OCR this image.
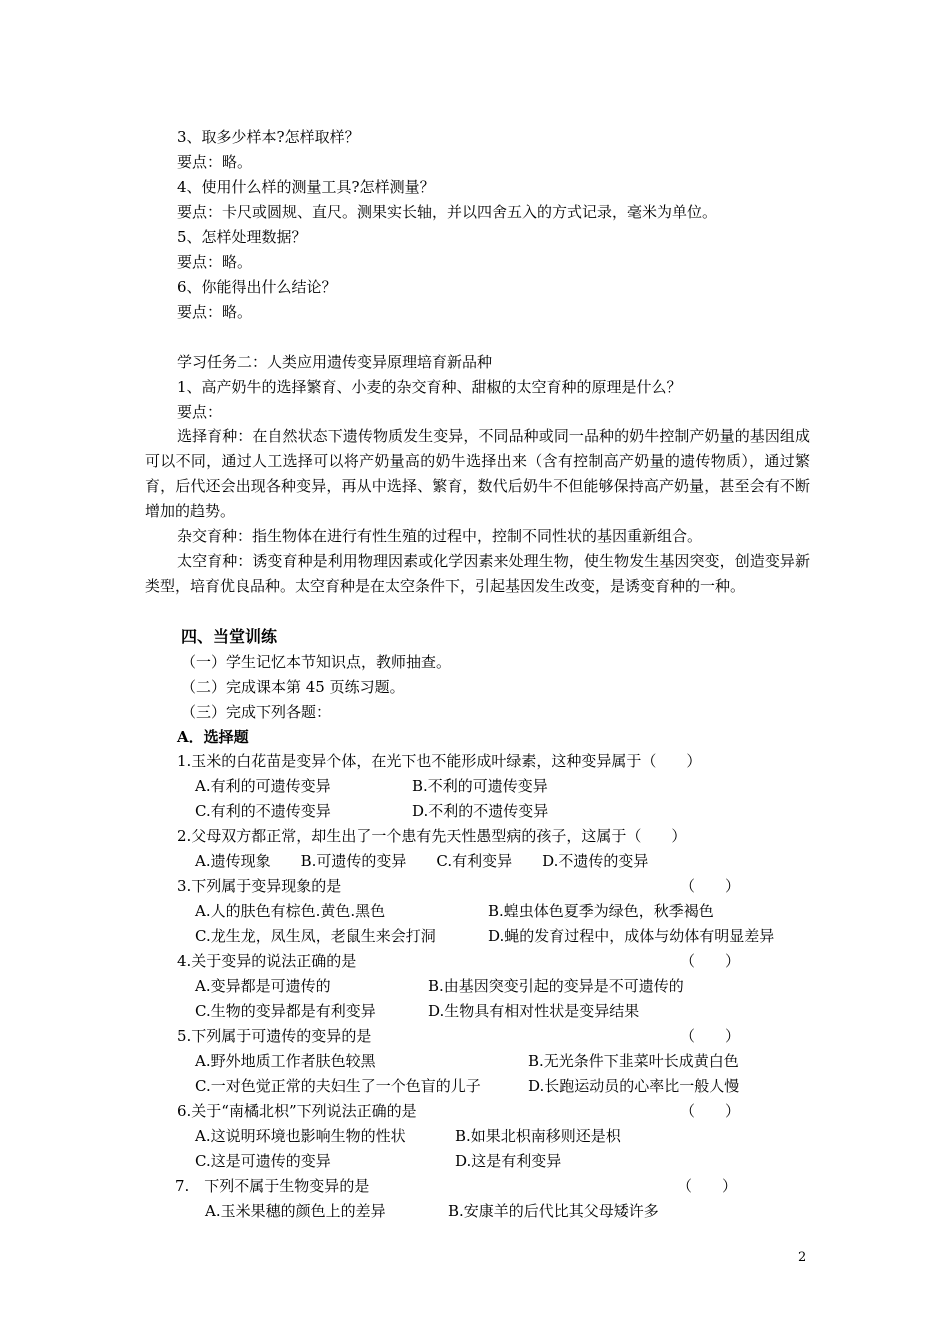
3、取多少样本?怎样取样？
要点：略。
4、使用什么样的测量工具?怎样测量？
要点：卡尺或圆规、直尺。测果实长轴，并以四舍五入的方式记录，毫米为单位。
5、怎样处理数据？
要点：略。
6、你能得出什么结论？
要点：略。
学习任务二：人类应用遗传变异原理培育新品种
1、高产奶牛的选择繁育、小麦的杂交育种、甜椒的太空育种的原理是什么？
要点：
选择育种：在自然状态下遗传物质发生变异，不同品种或同一品种的奶牛控制产奶量的基因组成可以不同，通过人工选择可以将产奶量高的奶牛选择出来（含有控制高产奶量的遗传物质），通过繁育，后代还会出现各种变异，再从中选择、繁育，数代后奶牛不但能够保持高产奶量，甚至会有不断增加的趋势。
杂交育种：指生物体在进行有性生殖的过程中，控制不同性状的基因重新组合。
太空育种：诱变育种是利用物理因素或化学因素来处理生物，使生物发生基因突变，创造变异新类型，培育优良品种。太空育种是在太空条件下，引起基因发生改变，是诱变育种的一种。
四、当堂训练
（一）学生记忆本节知识点，教师抽查。
（二）完成课本第 45 页练习题。
（三）完成下列各题：
A．选择题
1.玉米的白花苗是变异个体，在光下也不能形成叶绿素，这种变异属于（　　）
A.有利的可遗传变异	B.不利的可遗传变异
C.有利的不遗传变异	D.不利的不遗传变异
2.父母双方都正常，却生出了一个患有先天性愚型病的孩子，这属于（　　）
A.遗传现象　　B.可遗传的变异　　C.有利变异　　D.不遗传的变异
3.下列属于变异现象的是	（　　）
A.人的肤色有棕色.黄色.黑色	B.蝗虫体色夏季为绿色，秋季褐色
C.龙生龙，凤生凤，老鼠生来会打洞	D.蝇的发育过程中，成体与幼体有明显差异
4.关于变异的说法正确的是	（　　）
A.变异都是可遗传的	B.由基因突变引起的变异是不可遗传的
C.生物的变异都是有利变异	D.生物具有相对性状是变异结果
5.下列属于可遗传的变异的是	（　　）
A.野外地质工作者肤色较黑	B.无光条件下韭菜叶长成黄白色
C.一对色觉正常的夫妇生了一个色盲的儿子	D.长跑运动员的心率比一般人慢
6.关于“南橘北枳”下列说法正确的是	（　　）
A.这说明环境也影响生物的性状	B.如果北枳南移则还是枳
C.这是可遗传的变异	D.这是有利变异
7.　下列不属于生物变异的是	（　　）
A.玉米果穗的颜色上的差异	B.安康羊的后代比其父母矮许多
2
